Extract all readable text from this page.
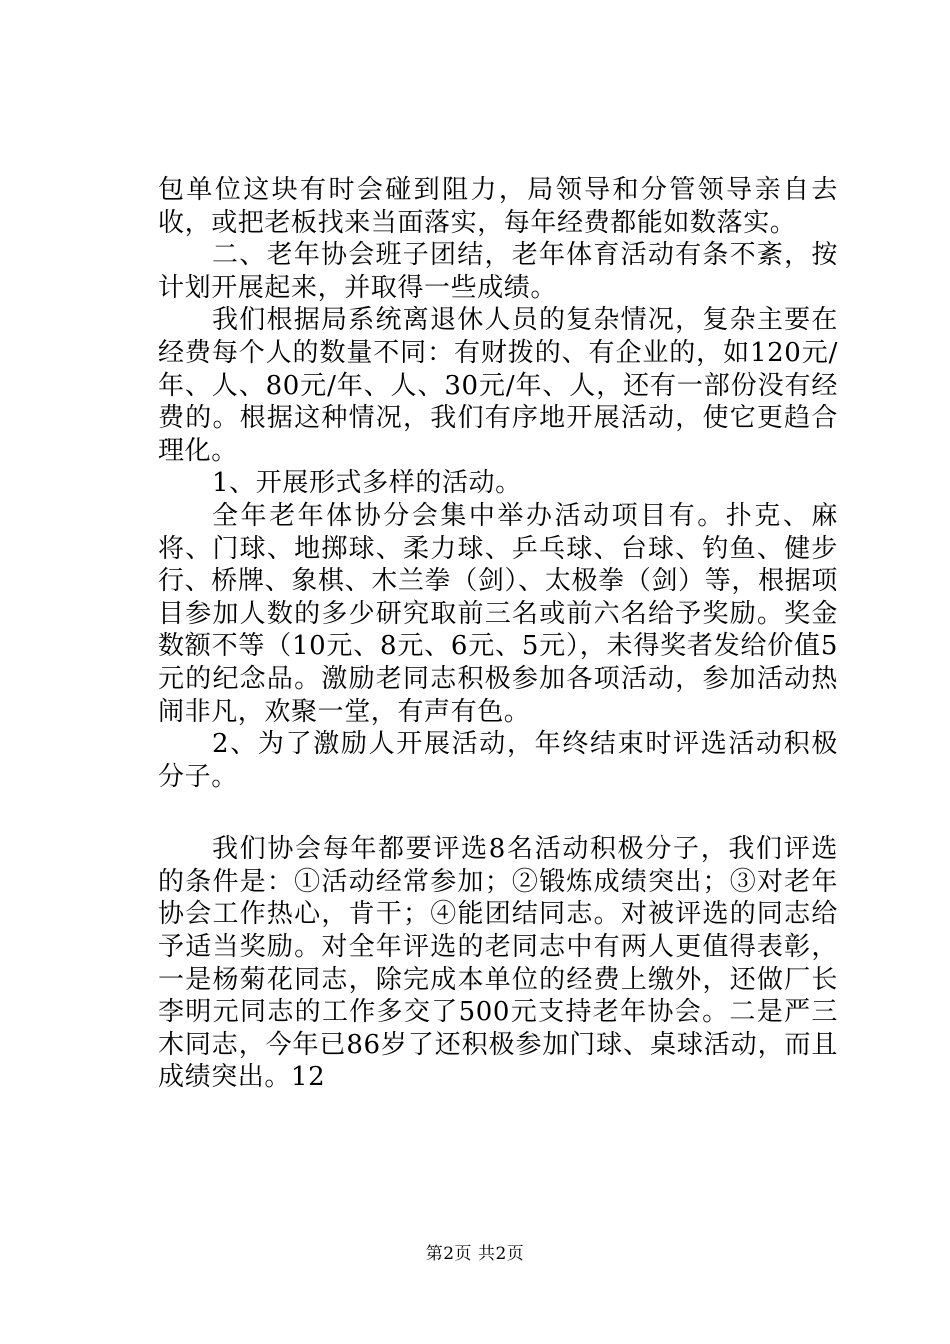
包单位这块有时会碰到阻力，局领导和分管领导亲自去收，或把老板找来当面落实，每年经费都能如数落实。

二、老年协会班子团结，老年体育活动有条不紊，按计划开展起来，并取得一些成绩。

我们根据局系统离退休人员的复杂情况，复杂主要在经费每个人的数量不同：有财拨的、有企业的，如120元/年、人、80元/年、人、30元/年、人，还有一部份没有经费的。根据这种情况，我们有序地开展活动，使它更趋合理化。

1、开展形式多样的活动。

全年老年体协分会集中举办活动项目有。扑克、麻将、门球、地掷球、柔力球、乒乓球、台球、钓鱼、健步行、桥牌、象棋、木兰拳（剑）、太极拳（剑）等，根据项目参加人数的多少研究取前三名或前六名给予奖励。奖金数额不等（10元、8元、6元、5元），未得奖者发给价值5元的纪念品。激励老同志积极参加各项活动，参加活动热闹非凡，欢聚一堂，有声有色。

2、为了激励人开展活动，年终结束时评选活动积极分子。

我们协会每年都要评选8名活动积极分子，我们评选的条件是：①活动经常参加；②锻炼成绩突出；③对老年协会工作热心，肯干；④能团结同志。对被评选的同志给予适当奖励。对全年评选的老同志中有两人更值得表彰，一是杨菊花同志，除完成本单位的经费上缴外，还做厂长李明元同志的工作多交了500元支持老年协会。二是严三木同志，今年已86岁了还积极参加门球、桌球活动，而且成绩突出。12

第2页 共2页
